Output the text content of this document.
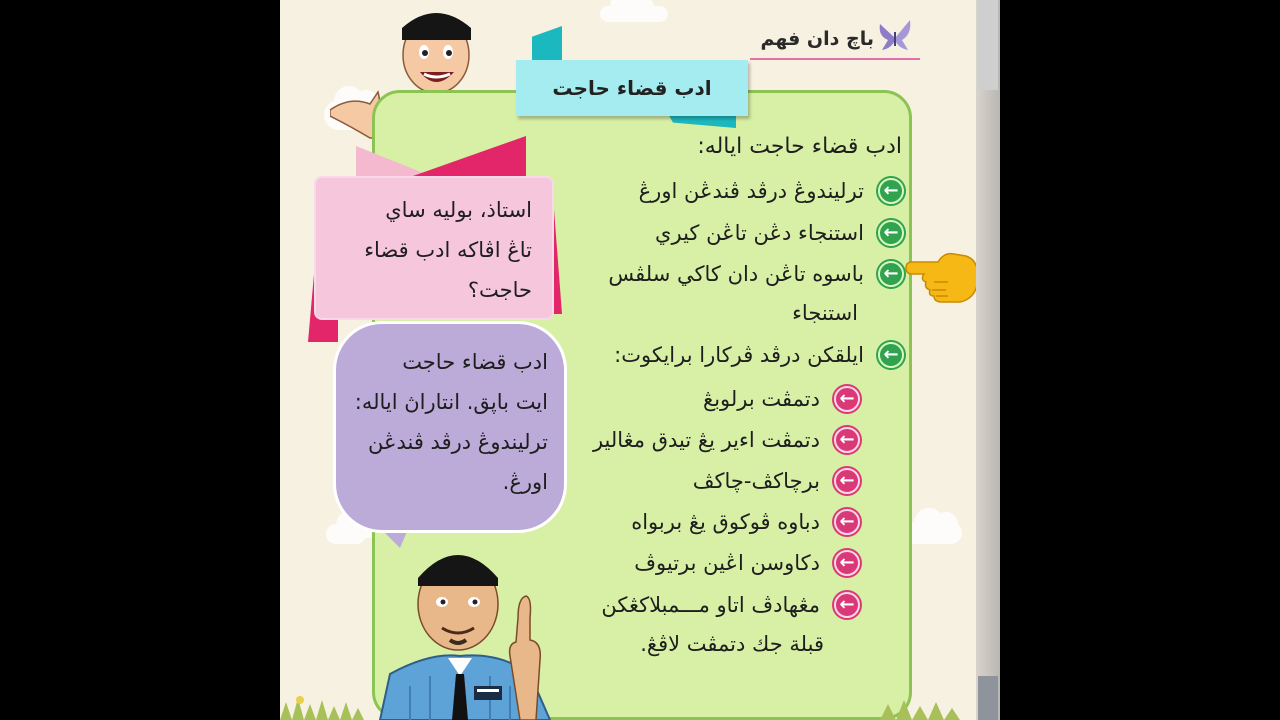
باچ دان فهم
ادب قضاء حاجت
استاذ، بوليه ساي
تاڠ اڤاكه ادب قضاء
حاجت؟
ادب قضاء حاجت
ايت باپق. انتاراڽ اياله:
ترليندوڠ درڤد ڤندڠن
اورڠ.
ادب قضاء حاجت اياله:
←
ترليندوڠ درڤد ڤندڠن اورڠ
←
استنجاء دڠن تاڠن كيري
←
باسوه تاڠن دان كاكي سلڤس
استنجاء
←
ايلقكن درڤد ڤركارا برايكوت:
←
دتمڤت برلوبڠ
←
دتمڤت اءير يڠ تيدق مڠالير
←
برچاكڤ-چاكڤ
←
دباوه ڤوكوق يڠ بربواه
←
دكاوسن اڠين برتيوڤ
←
مڠهادڤ اتاو مـــمبلاكڠكن
قبلة جك دتمڤت لاڤڠ.
